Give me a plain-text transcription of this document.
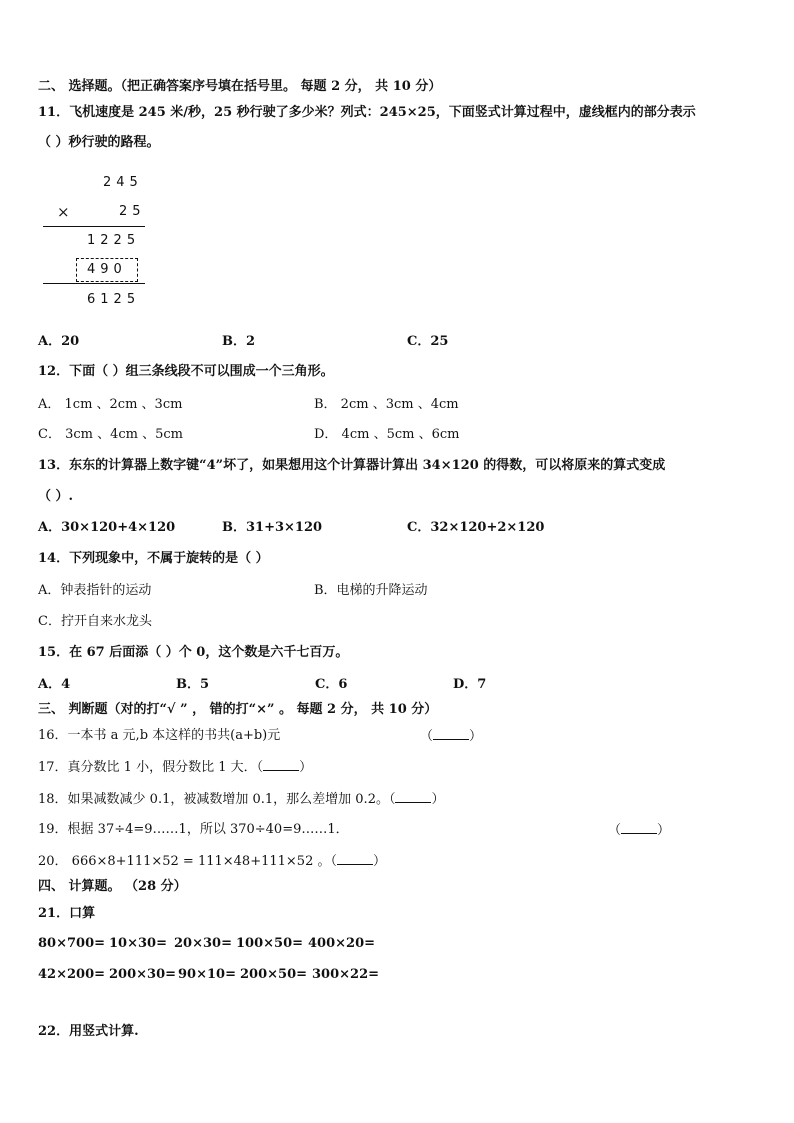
二、 选择题。（把正确答案序号填在括号里。 每题 2 分， 共 10 分）
11．飞机速度是 245 米/秒，25 秒行驶了多少米？列式：245×25，下面竖式计算过程中，虚线框内的部分表示
（ ）秒行驶的路程。
245
×	25
1225
490
6125
A．20	B．2	C．25
12．下面（ ）组三条线段不可以围成一个三角形。
A． 1cm 、2cm 、3cm	B． 2cm 、3cm 、4cm
C． 3cm 、4cm 、5cm	D． 4cm 、5cm 、6cm
13．东东的计算器上数字键“4”坏了，如果想用这个计算器计算出 34×120 的得数，可以将原来的算式变成
（ ）.
A．30×120+4×120	B．31+3×120	C．32×120+2×120
14．下列现象中，不属于旋转的是（ ）
A．钟表指针的运动	B．电梯的升降运动
C．拧开自来水龙头
15．在 67 后面添（ ）个 0，这个数是六千七百万。
A．4	B．5	C．6	D．7
三、 判断题（对的打“√ ” ， 错的打“×” 。 每题 2 分， 共 10 分）
16．一本书 a 元,b 本这样的书共(a+b)元	（	）
17．真分数比 1 小，假分数比 1 大．（	）
18．如果减数减少 0.1，被减数增加 0.1，那么差增加 0.2。（	）
19．根据 37÷4=9……1，所以 370÷40=9……1．	（	）
20． 666×8+111×52 = 111×48+111×52 。（	）
四、 计算题。 （28 分）
21．口算
80×700= 10×30= 20×30= 100×50= 400×20=
42×200= 200×30= 90×10= 200×50= 300×22=
22．用竖式计算.
